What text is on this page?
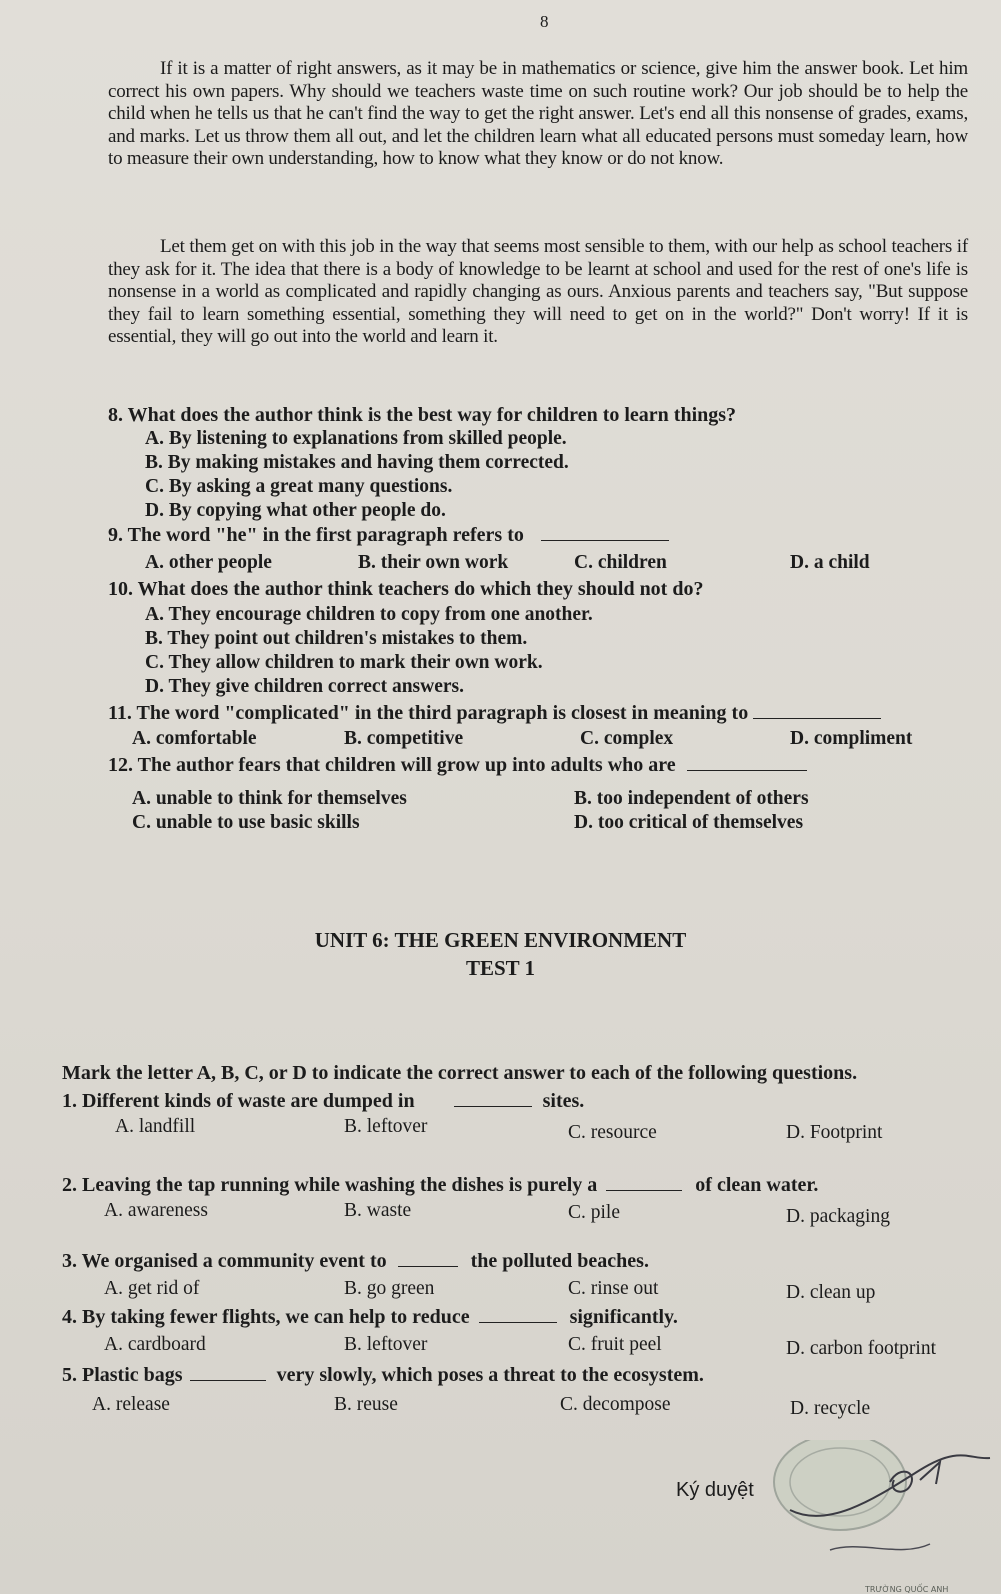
8

If it is a matter of right answers, as it may be in mathematics or science, give him the answer book. Let him correct his own papers. Why should we teachers waste time on such routine work? Our job should be to help the child when he tells us that he can't find the way to get the right answer. Let's end all this nonsense of grades, exams, and marks. Let us throw them all out, and let the children learn what all educated persons must someday learn, how to measure their own understanding, how to know what they know or do not know.

Let them get on with this job in the way that seems most sensible to them, with our help as school teachers if they ask for it. The idea that there is a body of knowledge to be learnt at school and used for the rest of one's life is nonsense in a world as complicated and rapidly changing as ours. Anxious parents and teachers say, "But suppose they fail to learn something essential, something they will need to get on in the world?" Don't worry! If it is essential, they will go out into the world and learn it.

8. What does the author think is the best way for children to learn things?
A. By listening to explanations from skilled people.
B. By making mistakes and having them corrected.
C. By asking a great many questions.
D. By copying what other people do.
9. The word "he" in the first paragraph refers to
A. other people	B. their own work	C. children	D. a child
10. What does the author think teachers do which they should not do?
A. They encourage children to copy from one another.
B. They point out children's mistakes to them.
C. They allow children to mark their own work.
D. They give children correct answers.
11. The word "complicated" in the third paragraph is closest in meaning to
A. comfortable	B. competitive	C. complex	D. compliment
12. The author fears that children will grow up into adults who are
A. unable to think for themselves	B. too independent of others
C. unable to use basic skills	D. too critical of themselves
UNIT 6: THE GREEN ENVIRONMENT
TEST 1
Mark the letter A, B, C, or D to indicate the correct answer to each of the following questions.
1. Different kinds of waste are dumped in	sites.
A. landfill	B. leftover	C. resource	D. Footprint
2. Leaving the tap running while washing the dishes is purely a	of clean water.
A. awareness	B. waste	C. pile	D. packaging
3. We organised a community event to	the polluted beaches.
A. get rid of	B. go green	C. rinse out	D. clean up
4. By taking fewer flights, we can help to reduce	significantly.
A. cardboard	B. leftover	C. fruit peel	D. carbon footprint
5. Plastic bags	very slowly, which poses a threat to the ecosystem.
A. release	B. reuse	C. decompose	D. recycle
Ký duyệt
TRƯỜNG QUỐC ANH
